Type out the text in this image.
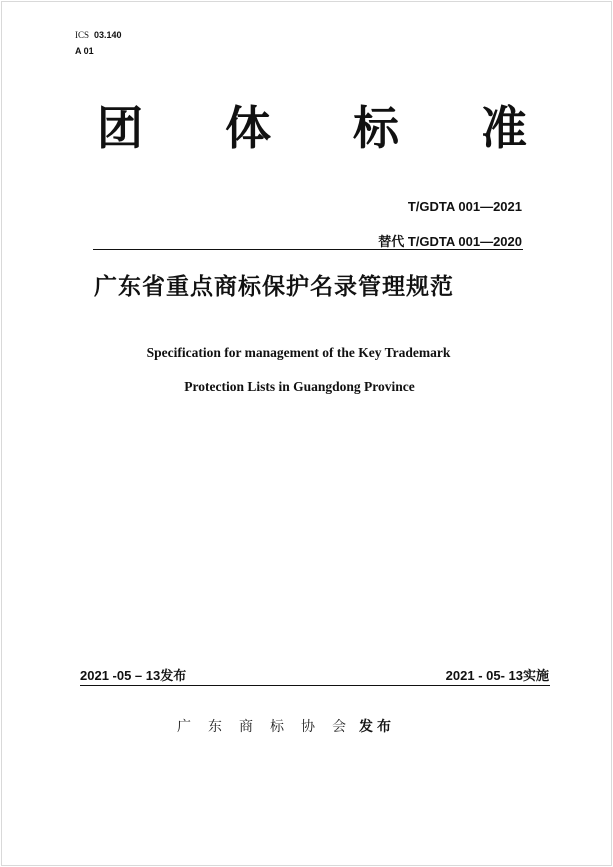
ICS 03.140
A 01
团 体 标 准
T/GDTA 001—2021
替代 T/GDTA 001—2020
广东省重点商标保护名录管理规范
Specification for management of the Key Trademark
Protection Lists in Guangdong Province
2021 -05 – 13发布	2021 - 05- 13实施
广东商标协会
发布
